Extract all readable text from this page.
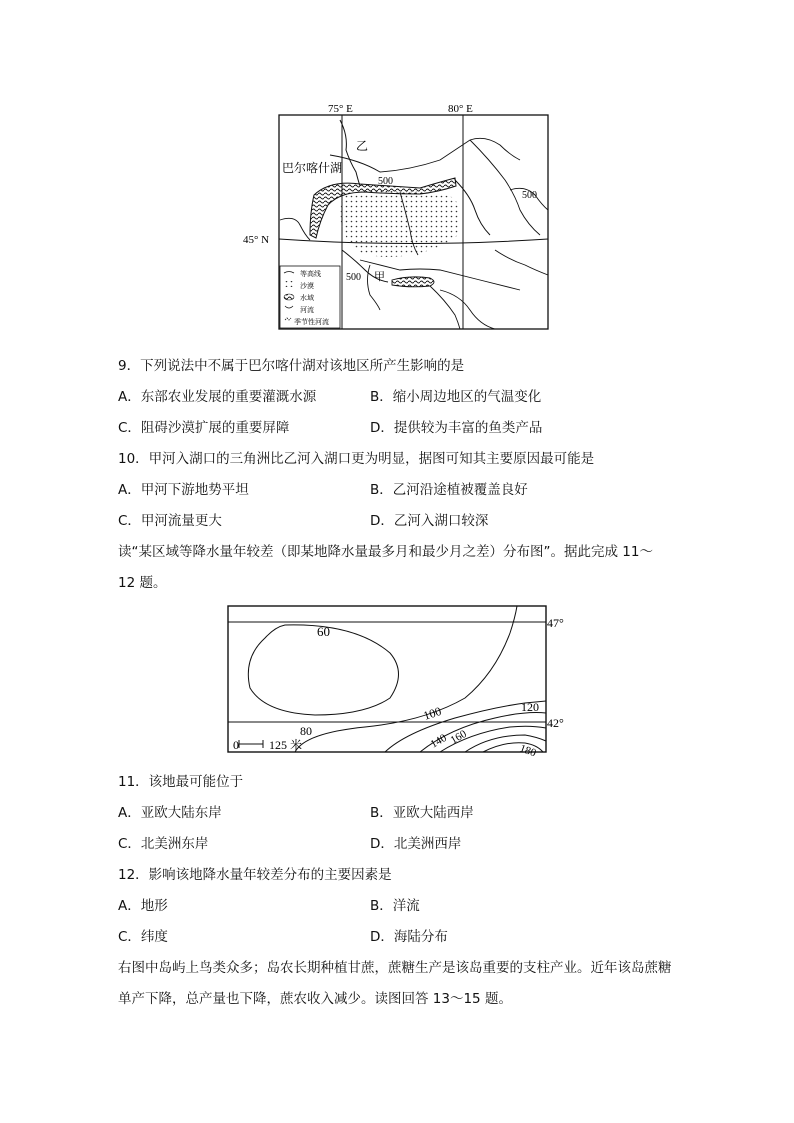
75° E	80° E
45° N
乙
巴尔喀什湖
500
500
500 甲
等高线
沙漠
水域
河流
季节性河流
9．下列说法中不属于巴尔喀什湖对该地区所产生影响的是
A．东部农业发展的重要灌溉水源	B．缩小周边地区的气温变化
C．阻碍沙漠扩展的重要屏障	D．提供较为丰富的鱼类产品
10．甲河入湖口的三角洲比乙河入湖口更为明显，据图可知其主要原因最可能是
A．甲河下游地势平坦	B．乙河沿途植被覆盖良好
C．甲河流量更大	D．乙河入湖口较深
读“某区域等降水量年较差（即某地降水量最多月和最少月之差）分布图”。据此完成 11～
12 题。
60
80
100	120
140 160
180
47°
42°
0	125 米
11．该地最可能位于
A．亚欧大陆东岸	B．亚欧大陆西岸
C．北美洲东岸	D．北美洲西岸
12．影响该地降水量年较差分布的主要因素是
A．地形	B．洋流
C．纬度	D．海陆分布
右图中岛屿上鸟类众多；岛农长期种植甘蔗，蔗糖生产是该岛重要的支柱产业。近年该岛蔗糖
单产下降，总产量也下降，蔗农收入减少。读图回答 13～15 题。
